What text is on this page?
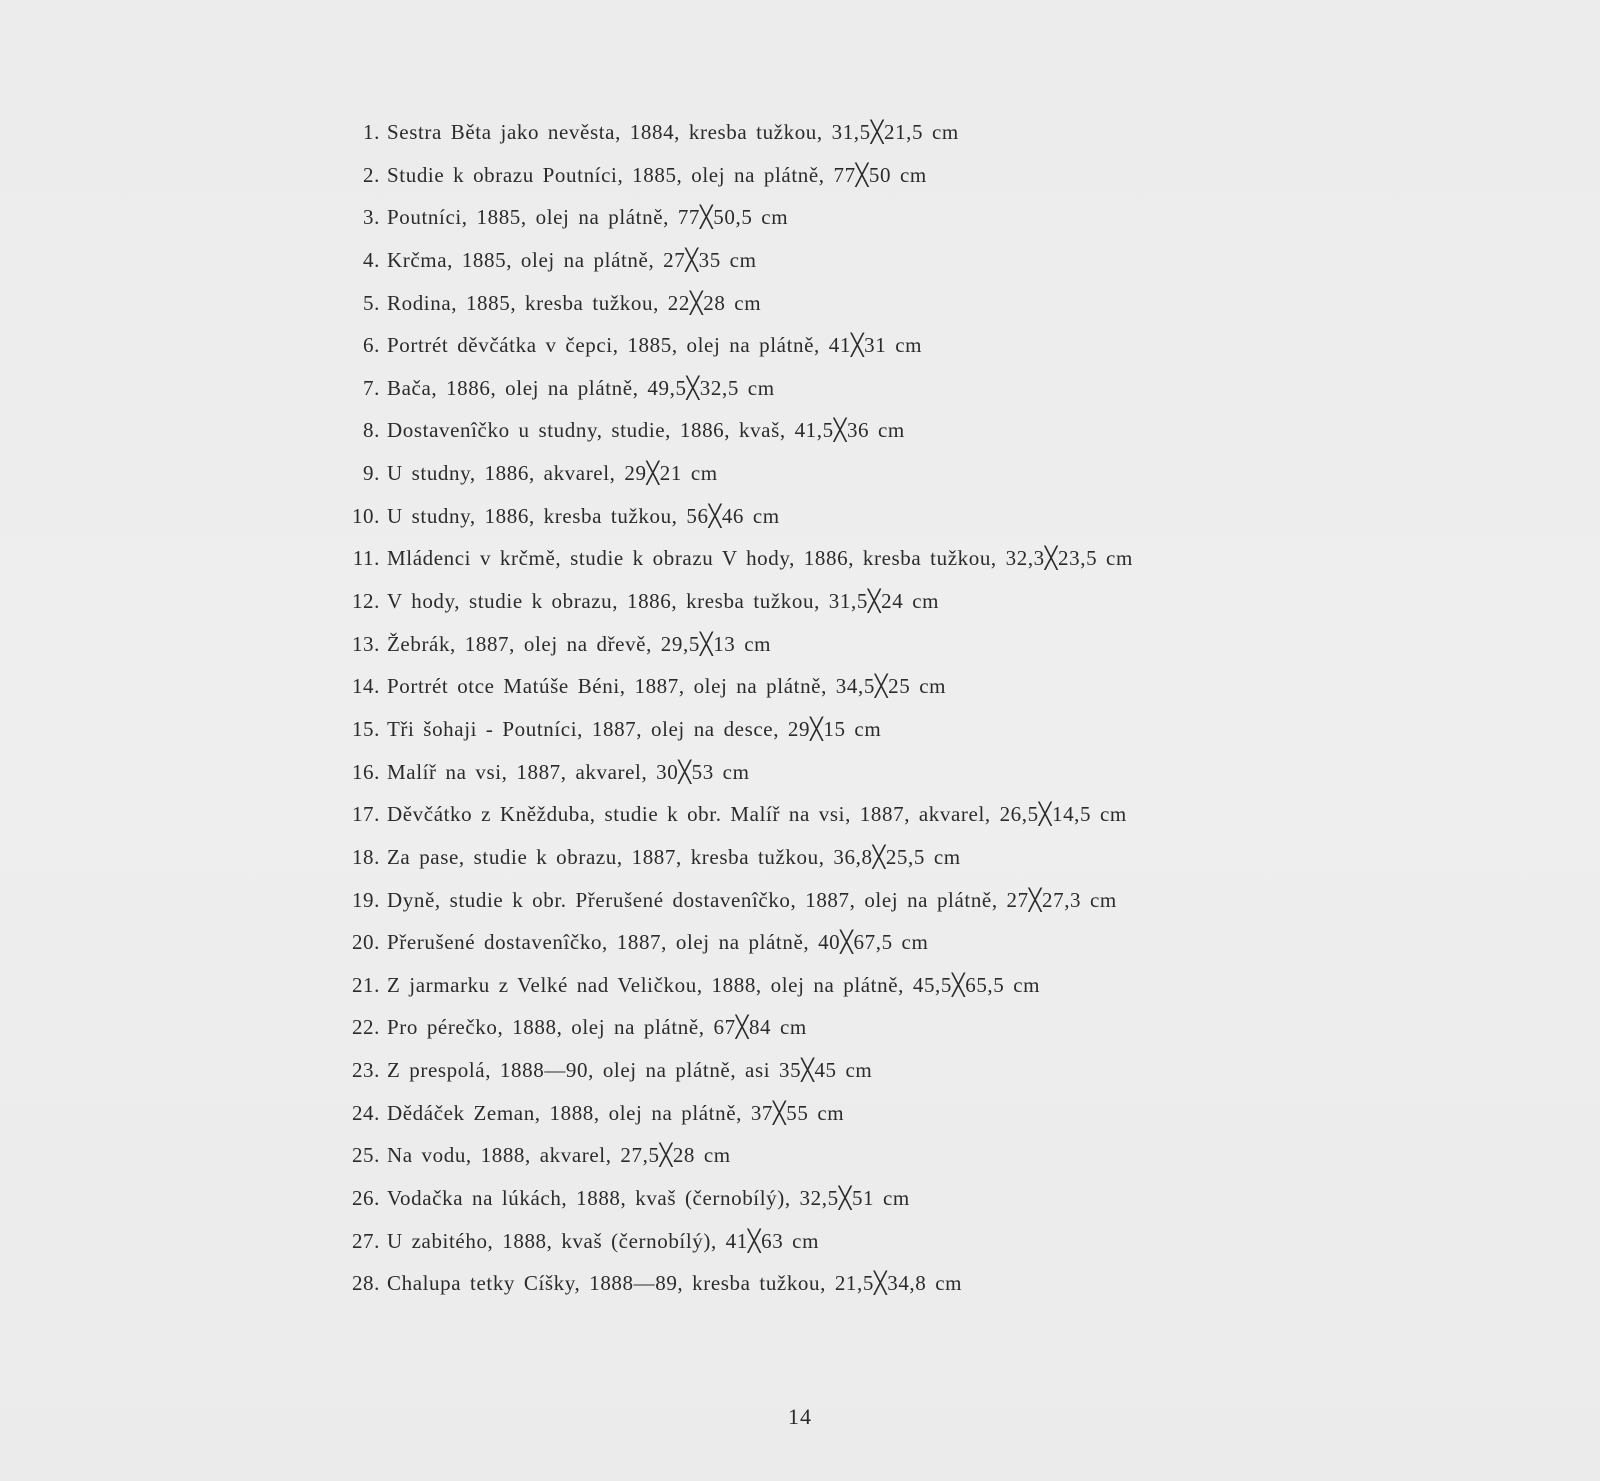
1. Sestra Běta jako nevěsta, 1884, kresba tužkou, 31,5╳21,5 cm
2. Studie k obrazu Poutníci, 1885, olej na plátně, 77╳50 cm
3. Poutníci, 1885, olej na plátně, 77╳50,5 cm
4. Krčma, 1885, olej na plátně, 27╳35 cm
5. Rodina, 1885, kresba tužkou, 22╳28 cm
6. Portrét děvčátka v čepci, 1885, olej na plátně, 41╳31 cm
7. Bača, 1886, olej na plátně, 49,5╳32,5 cm
8. Dostavenîčko u studny, studie, 1886, kvaš, 41,5╳36 cm
9. U studny, 1886, akvarel, 29╳21 cm
10. U studny, 1886, kresba tužkou, 56╳46 cm
11. Mládenci v krčmě, studie k obrazu V hody, 1886, kresba tužkou, 32,3╳23,5 cm
12. V hody, studie k obrazu, 1886, kresba tužkou, 31,5╳24 cm
13. Žebrák, 1887, olej na dřevě, 29,5╳13 cm
14. Portrét otce Matúše Béni, 1887, olej na plátně, 34,5╳25 cm
15. Tři šohaji - Poutníci, 1887, olej na desce, 29╳15 cm
16. Malíř na vsi, 1887, akvarel, 30╳53 cm
17. Děvčátko z Kněžduba, studie k obr. Malíř na vsi, 1887, akvarel, 26,5╳14,5 cm
18. Za pase, studie k obrazu, 1887, kresba tužkou, 36,8╳25,5 cm
19. Dyně, studie k obr. Přerušené dostavenîčko, 1887, olej na plátně, 27╳27,3 cm
20. Přerušené dostavenîčko, 1887, olej na plátně, 40╳67,5 cm
21. Z jarmarku z Velké nad Veličkou, 1888, olej na plátně, 45,5╳65,5 cm
22. Pro pérečko, 1888, olej na plátně, 67╳84 cm
23. Z prespolá, 1888—90, olej na plátně, asi 35╳45 cm
24. Dědáček Zeman, 1888, olej na plátně, 37╳55 cm
25. Na vodu, 1888, akvarel, 27,5╳28 cm
26. Vodačka na lúkách, 1888, kvaš (černobílý), 32,5╳51 cm
27. U zabitého, 1888, kvaš (černobílý), 41╳63 cm
28. Chalupa tetky Cíšky, 1888—89, kresba tužkou, 21,5╳34,8 cm
14
